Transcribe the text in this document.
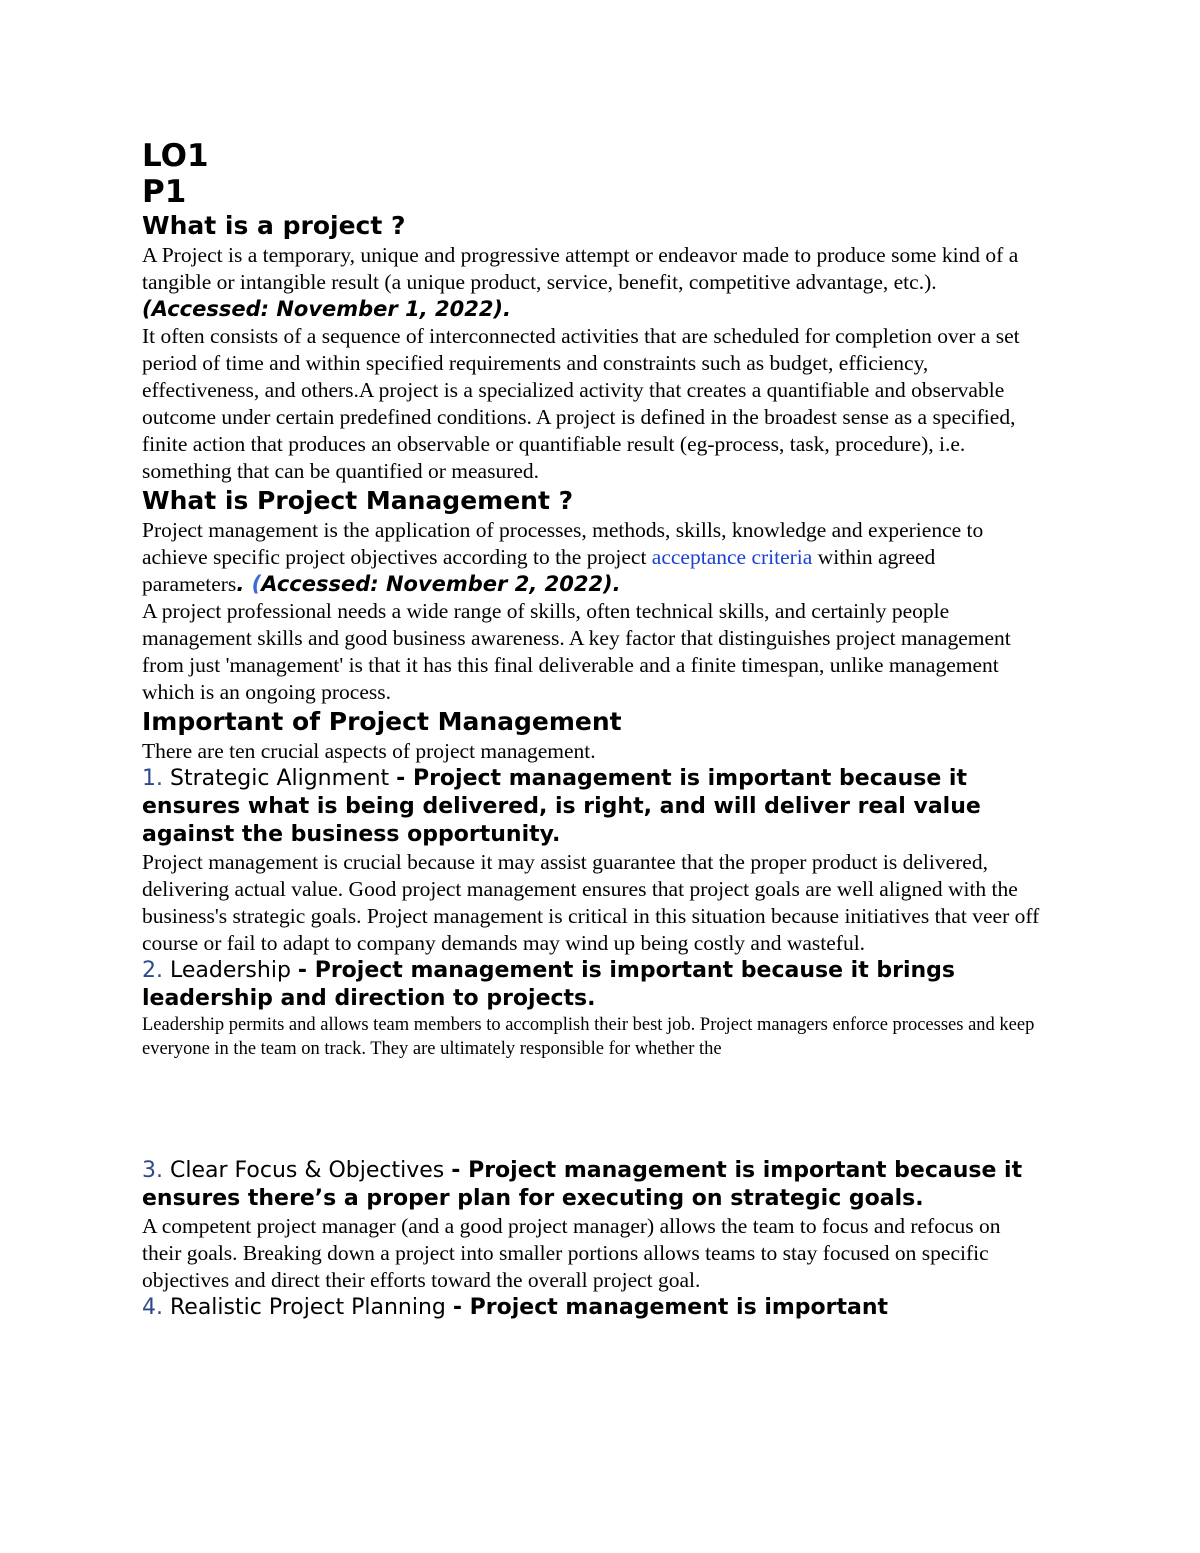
LO1
P1
What is a project ?

A Project is a temporary, unique and progressive attempt or endeavor made to produce some kind of a tangible or intangible result (a unique product, service, benefit, competitive advantage, etc.). (Accessed: November 1, 2022).

It often consists of a sequence of interconnected activities that are scheduled for completion over a set period of time and within specified requirements and constraints such as budget, efficiency, effectiveness, and others.A project is a specialized activity that creates a quantifiable and observable outcome under certain predefined conditions. A project is defined in the broadest sense as a specified, finite action that produces an observable or quantifiable result (eg-process, task, procedure), i.e. something that can be quantified or measured.

What is Project Management ?

Project management is the application of processes, methods, skills, knowledge and experience to achieve specific project objectives according to the project acceptance criteria within agreed parameters. (Accessed: November 2, 2022).

A project professional needs a wide range of skills, often technical skills, and certainly people management skills and good business awareness. A key factor that distinguishes project management from just 'management' is that it has this final deliverable and a finite timespan, unlike management which is an ongoing process.

Important of Project Management

There are ten crucial aspects of project management.

1. Strategic Alignment - Project management is important because it ensures what is being delivered, is right, and will deliver real value against the business opportunity.

Project management is crucial because it may assist guarantee that the proper product is delivered, delivering actual value. Good project management ensures that project goals are well aligned with the business's strategic goals. Project management is critical in this situation because initiatives that veer off course or fail to adapt to company demands may wind up being costly and wasteful.

2. Leadership - Project management is important because it brings leadership and direction to projects.

Leadership permits and allows team members to accomplish their best job. Project managers enforce processes and keep everyone in the team on track. They are ultimately responsible for whether the

3. Clear Focus & Objectives - Project management is important because it ensures there’s a proper plan for executing on strategic goals.

A competent project manager (and a good project manager) allows the team to focus and refocus on their goals. Breaking down a project into smaller portions allows teams to stay focused on specific objectives and direct their efforts toward the overall project goal.

4. Realistic Project Planning - Project management is important
